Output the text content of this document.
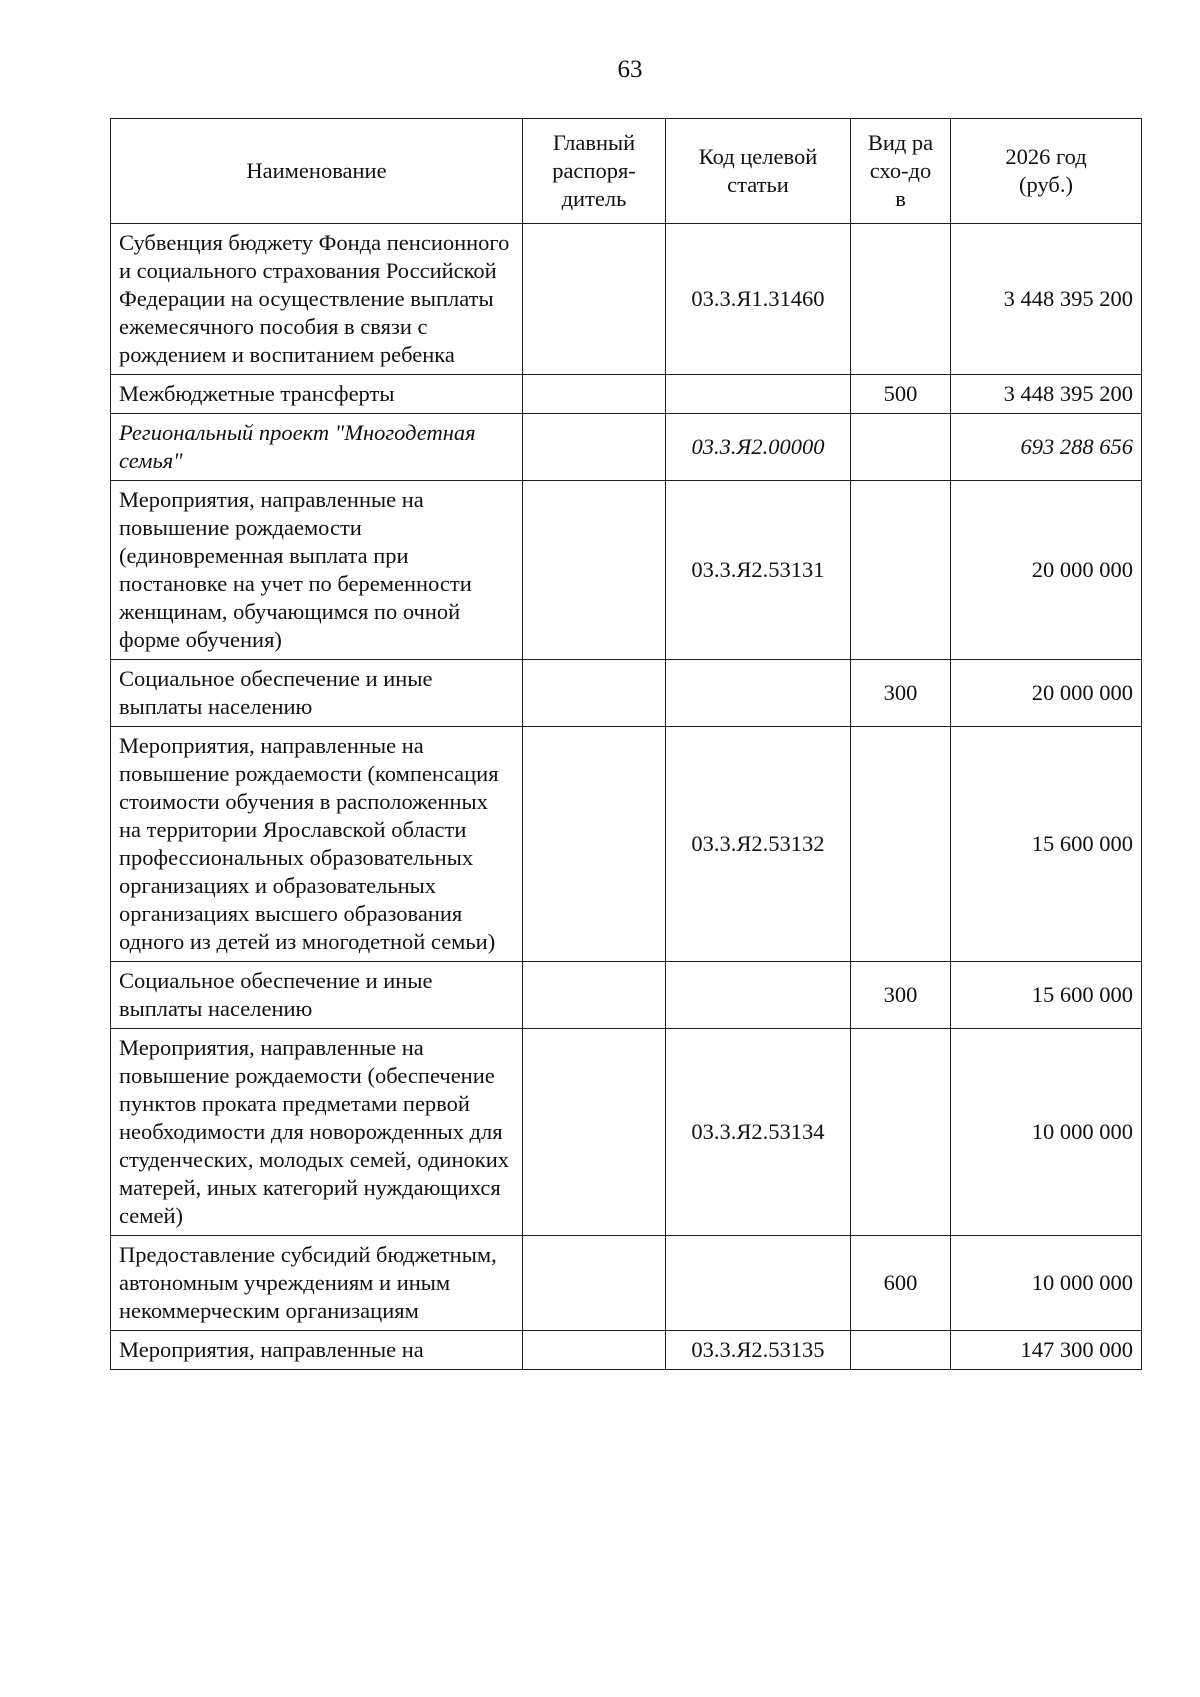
63
Наименование	Главный распоря-дитель	Код целевой статьи	Вид расхо-дов	2026 год (руб.)
Субвенция бюджету Фонда пенсионного и социального страхования Российской Федерации на осуществление выплаты ежемесячного пособия в связи с рождением и воспитанием ребенка		03.3.Я1.31460		3 448 395 200
Межбюджетные трансферты			500	3 448 395 200
Региональный проект "Многодетная семья"		03.3.Я2.00000		693 288 656
Мероприятия, направленные на повышение рождаемости (единовременная выплата при постановке на учет по беременности женщинам, обучающимся по очной форме обучения)		03.3.Я2.53131		20 000 000
Социальное обеспечение и иные выплаты населению			300	20 000 000
Мероприятия, направленные на повышение рождаемости (компенсация стоимости обучения в расположенных на территории Ярославской области профессиональных образовательных организациях и образовательных организациях высшего образования одного из детей из многодетной семьи)		03.3.Я2.53132		15 600 000
Социальное обеспечение и иные выплаты населению			300	15 600 000
Мероприятия, направленные на повышение рождаемости (обеспечение пунктов проката предметами первой необходимости для новорожденных для студенческих, молодых семей, одиноких матерей, иных категорий нуждающихся семей)		03.3.Я2.53134		10 000 000
Предоставление субсидий бюджетным, автономным учреждениям и иным некоммерческим организациям			600	10 000 000
Мероприятия, направленные на		03.3.Я2.53135		147 300 000
